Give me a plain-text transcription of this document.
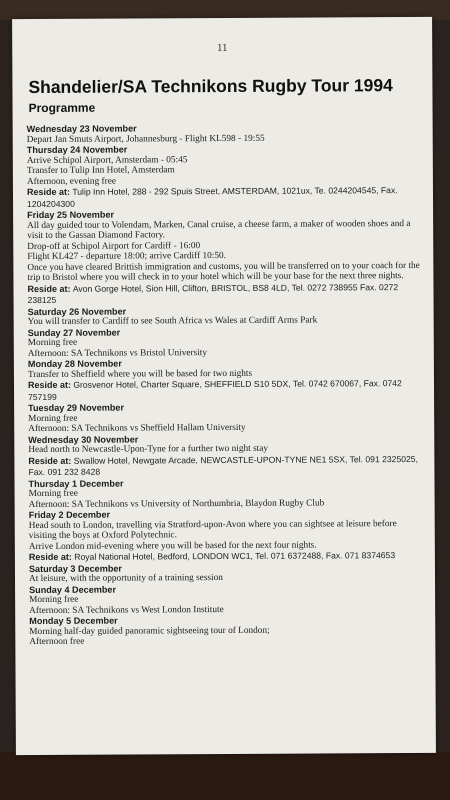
11
Shandelier/SA Technikons Rugby Tour 1994
Programme
Wednesday 23 November
Depart Jan Smuts Airport, Johannesburg - Flight KL598 - 19:55
Thursday 24 November
Arrive Schipol Airport, Amsterdam - 05:45
Transfer to Tulip Inn Hotel, Amsterdam
Afternoon, evening free
Reside at: Tulip Inn Hotel, 288 - 292 Spuis Street, AMSTERDAM, 1021ux, Te. 0244204545, Fax. 1204204300
Friday 25 November
All day guided tour to Volendam, Marken, Canal cruise, a cheese farm, a maker of wooden shoes and a visit to the Gassan Diamond Factory.
Drop-off at Schipol Airport for Cardiff - 16:00
Flight KL427 - departure 18:00; arrive Cardiff 10:50.
Once you have cleared Brittish immigration and customs, you will be transferred on to your coach for the trip to Bristol where you will check in to your hotel which will be your base for the next three nights.
Reside at: Avon Gorge Hotel, Sion Hill, Clifton, BRISTOL, BS8 4LD, Tel. 0272 738955 Fax. 0272 238125
Saturday 26 November
You will transfer to Cardiff to see South Africa vs Wales at Cardiff Arms Park
Sunday 27 November
Morning free
Afternoon: SA Technikons vs Bristol University
Monday 28 November
Transfer to Sheffield where you will be based for two nights
Reside at: Grosvenor Hotel, Charter Square, SHEFFIELD S10 5DX, Tel. 0742 670067, Fax. 0742 757199
Tuesday 29 November
Morning free
Afternoon: SA Technikons vs Sheffield Hallam University
Wednesday 30 November
Head north to Newcastle-Upon-Tyne for a further two night stay
Reside at: Swallow Hotel, Newgate Arcade, NEWCASTLE-UPON-TYNE NE1 5SX, Tel. 091 2325025, Fax. 091 232 8428
Thursday 1 December
Morning free
Afternoon: SA Technikons vs University of Northumbria, Blaydon Rugby Club
Friday 2 December
Head south to London, travelling via Stratford-upon-Avon where you can sightsee at leisure before visiting the boys at Oxford Polytechnic.
Arrive London mid-evening where you will be based for the next four nights.
Reside at: Royal National Hotel, Bedford, LONDON WC1, Tel. 071 6372488, Fax. 071 8374653
Saturday 3 December
At leisure, with the opportunity of a training session
Sunday 4 December
Morning free
Afternoon: SA Technikons vs West London Institute
Monday 5 December
Morning half-day guided panoramic sightseeing tour of London;
Afternoon free
